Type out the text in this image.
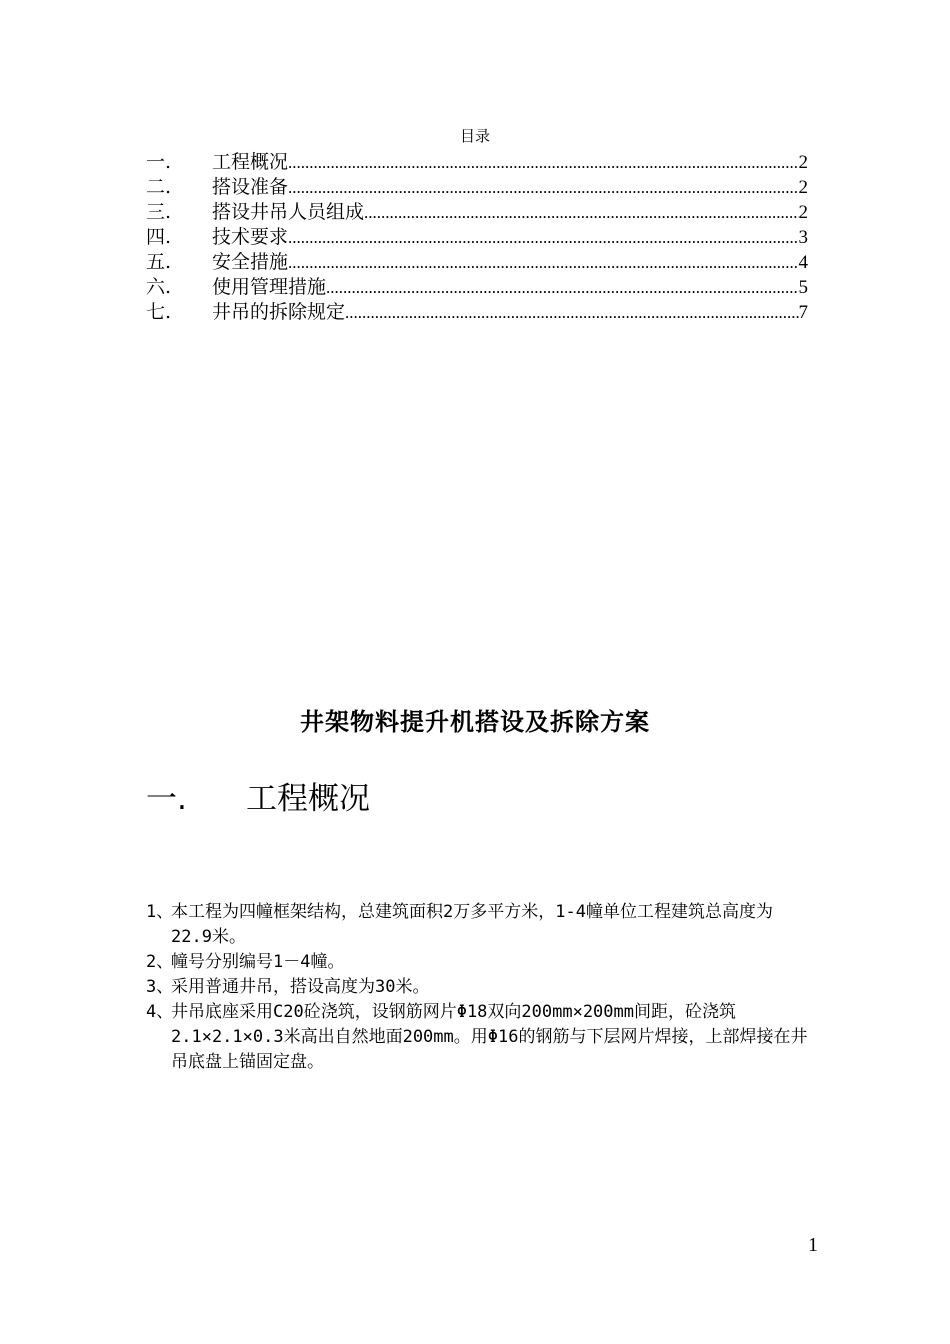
目录
一.	工程概况 .....	2
二.	搭设准备 .....	2
三.	搭设井吊人员组成 .....	2
四.	技术要求 .....	3
五.	安全措施 .....	4
六.	使用管理措施 .....	5
七.	井吊的拆除规定 .....	7
井架物料提升机搭设及拆除方案
一.	工程概况
1、
本工程为四幢框架结构，总建筑面积2万多平方米，1-4幢单位工程建筑总高度为22.9米。
2、
幢号分别编号1－4幢。
3、
采用普通井吊，搭设高度为30米。
4、
井吊底座采用C20砼浇筑，设钢筋网片Φ18双向200mm×200mm间距，砼浇筑2.1×2.1×0.3米高出自然地面200mm。用Φ16的钢筋与下层网片焊接，上部焊接在井吊底盘上锚固定盘。
1
